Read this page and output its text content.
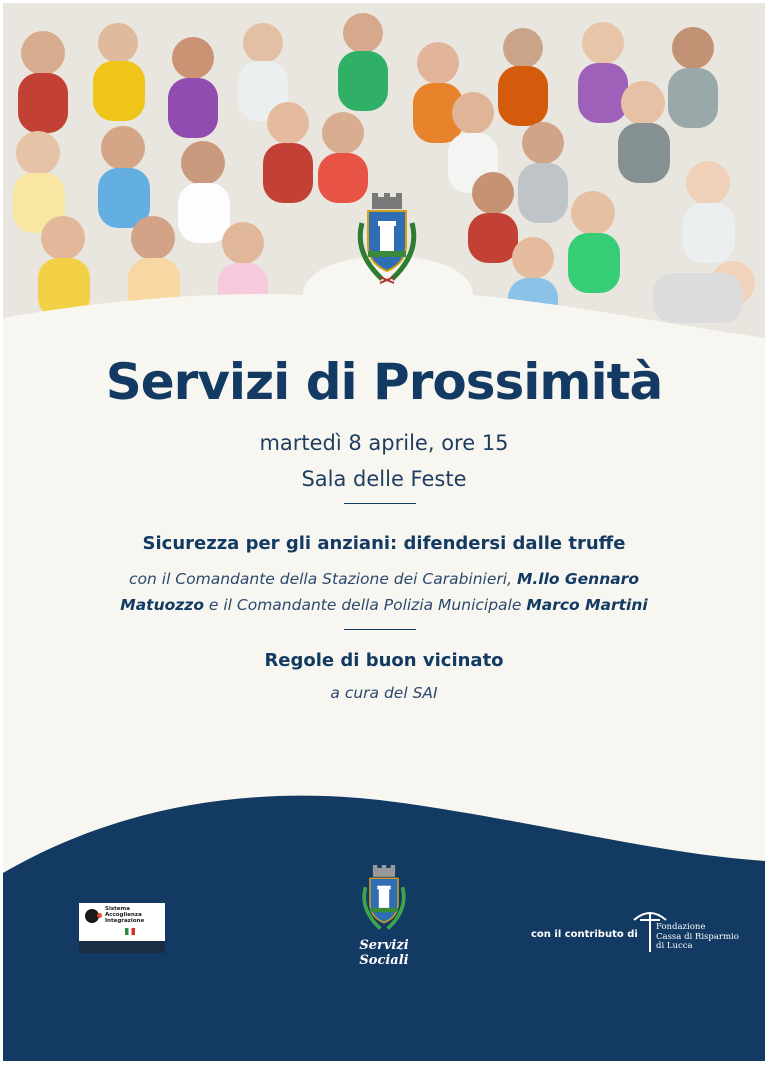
Servizi di Prossimità
martedì 8 aprile, ore 15
Sala delle Feste
Sicurezza per gli anziani: difendersi dalle truffe
con il Comandante della Stazione dei Carabinieri, M.llo Gennaro
Matuozzo e il Comandante della Polizia Municipale Marco Martini
Regole di buon vicinato
a cura del SAI
Sistema
Accoglienza
Integrazione
Servizi Sociali
con il contributo di
Fondazione
Cassa di Risparmio
di Lucca
